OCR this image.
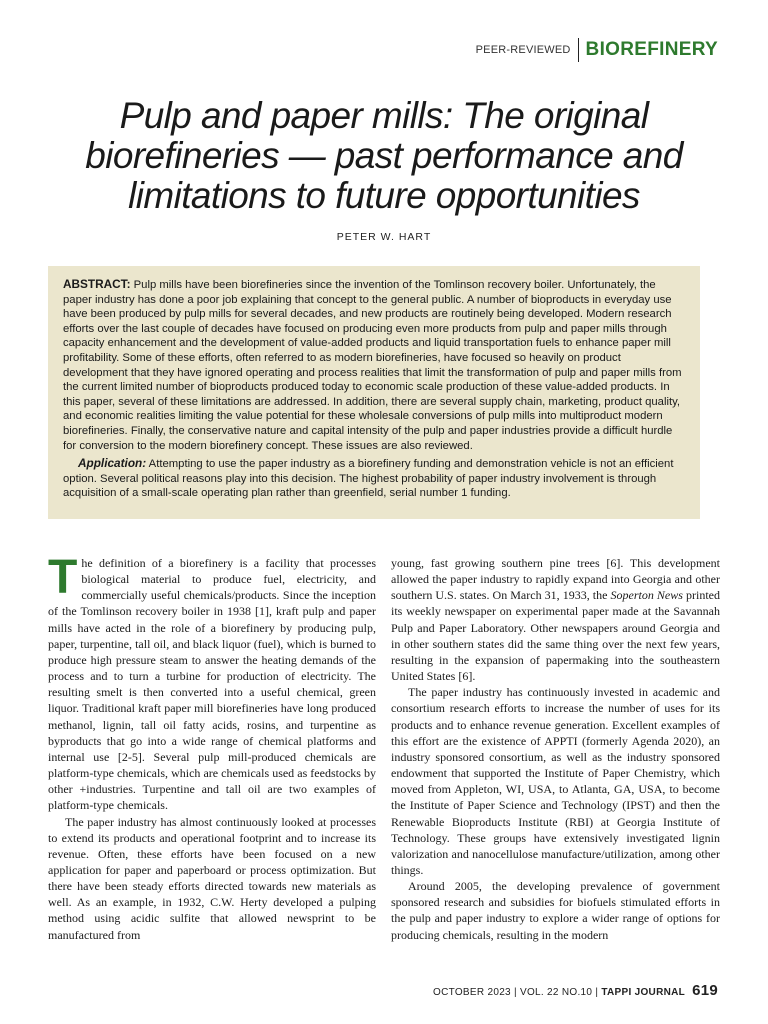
PEER-REVIEWED BIOREFINERY
Pulp and paper mills: The original biorefineries — past performance and limitations to future opportunities
PETER W. HART

ABSTRACT: Pulp mills have been biorefineries since the invention of the Tomlinson recovery boiler. Unfortunately, the paper industry has done a poor job explaining that concept to the general public. A number of bioproducts in everyday use have been produced by pulp mills for several decades, and new products are routinely being developed. Modern research efforts over the last couple of decades have focused on producing even more products from pulp and paper mills through capacity enhancement and the development of value-added products and liquid transportation fuels to enhance paper mill profitability. Some of these efforts, often referred to as modern biorefineries, have focused so heavily on product development that they have ignored operating and process realities that limit the transformation of pulp and paper mills from the current limited number of bioproducts produced today to economic scale production of these value-added products. In this paper, several of these limitations are addressed. In addition, there are several supply chain, marketing, product quality, and economic realities limiting the value potential for these wholesale conversions of pulp mills into multiproduct modern biorefineries. Finally, the conservative nature and capital intensity of the pulp and paper industries provide a difficult hurdle for conversion to the modern biorefinery concept. These issues are also reviewed.

Application: Attempting to use the paper industry as a biorefinery funding and demonstration vehicle is not an efficient option. Several political reasons play into this decision. The highest probability of paper industry involvement is through acquisition of a small-scale operating plan rather than greenfield, serial number 1 funding.

The definition of a biorefinery is a facility that processes biological material to produce fuel, electricity, and commercially useful chemicals/products. Since the inception of the Tomlinson recovery boiler in 1938 [1], kraft pulp and paper mills have acted in the role of a biorefinery by producing pulp, paper, turpentine, tall oil, and black liquor (fuel), which is burned to produce high pressure steam to answer the heating demands of the process and to turn a turbine for production of electricity. The resulting smelt is then converted into a useful chemical, green liquor. Traditional kraft paper mill biorefineries have long produced methanol, lignin, tall oil fatty acids, rosins, and turpentine as byproducts that go into a wide range of chemical platforms and internal use [2-5]. Several pulp mill-produced chemicals are platform-type chemicals, which are chemicals used as feedstocks by other +industries. Turpentine and tall oil are two examples of platform-type chemicals.

The paper industry has almost continuously looked at processes to extend its products and operational footprint and to increase its revenue. Often, these efforts have been focused on a new application for paper and paperboard or process optimization. But there have been steady efforts directed towards new materials as well. As an example, in 1932, C.W. Herty developed a pulping method using acidic sulfite that allowed newsprint to be manufactured from

young, fast growing southern pine trees [6]. This development allowed the paper industry to rapidly expand into Georgia and other southern U.S. states. On March 31, 1933, the Soperton News printed its weekly newspaper on experimental paper made at the Savannah Pulp and Paper Laboratory. Other newspapers around Georgia and in other southern states did the same thing over the next few years, resulting in the expansion of papermaking into the southeastern United States [6].

The paper industry has continuously invested in academic and consortium research efforts to increase the number of uses for its products and to enhance revenue generation. Excellent examples of this effort are the existence of APPTI (formerly Agenda 2020), an industry sponsored consortium, as well as the industry sponsored endowment that supported the Institute of Paper Chemistry, which moved from Appleton, WI, USA, to Atlanta, GA, USA, to become the Institute of Paper Science and Technology (IPST) and then the Renewable Bioproducts Institute (RBI) at Georgia Institute of Technology. These groups have extensively investigated lignin valorization and nanocellulose manufacture/utilization, among other things.

Around 2005, the developing prevalence of government sponsored research and subsidies for biofuels stimulated efforts in the pulp and paper industry to explore a wider range of options for producing chemicals, resulting in the modern

OCTOBER 2023 | VOL. 22 NO.10 |
TAPPI JOURNAL 619
